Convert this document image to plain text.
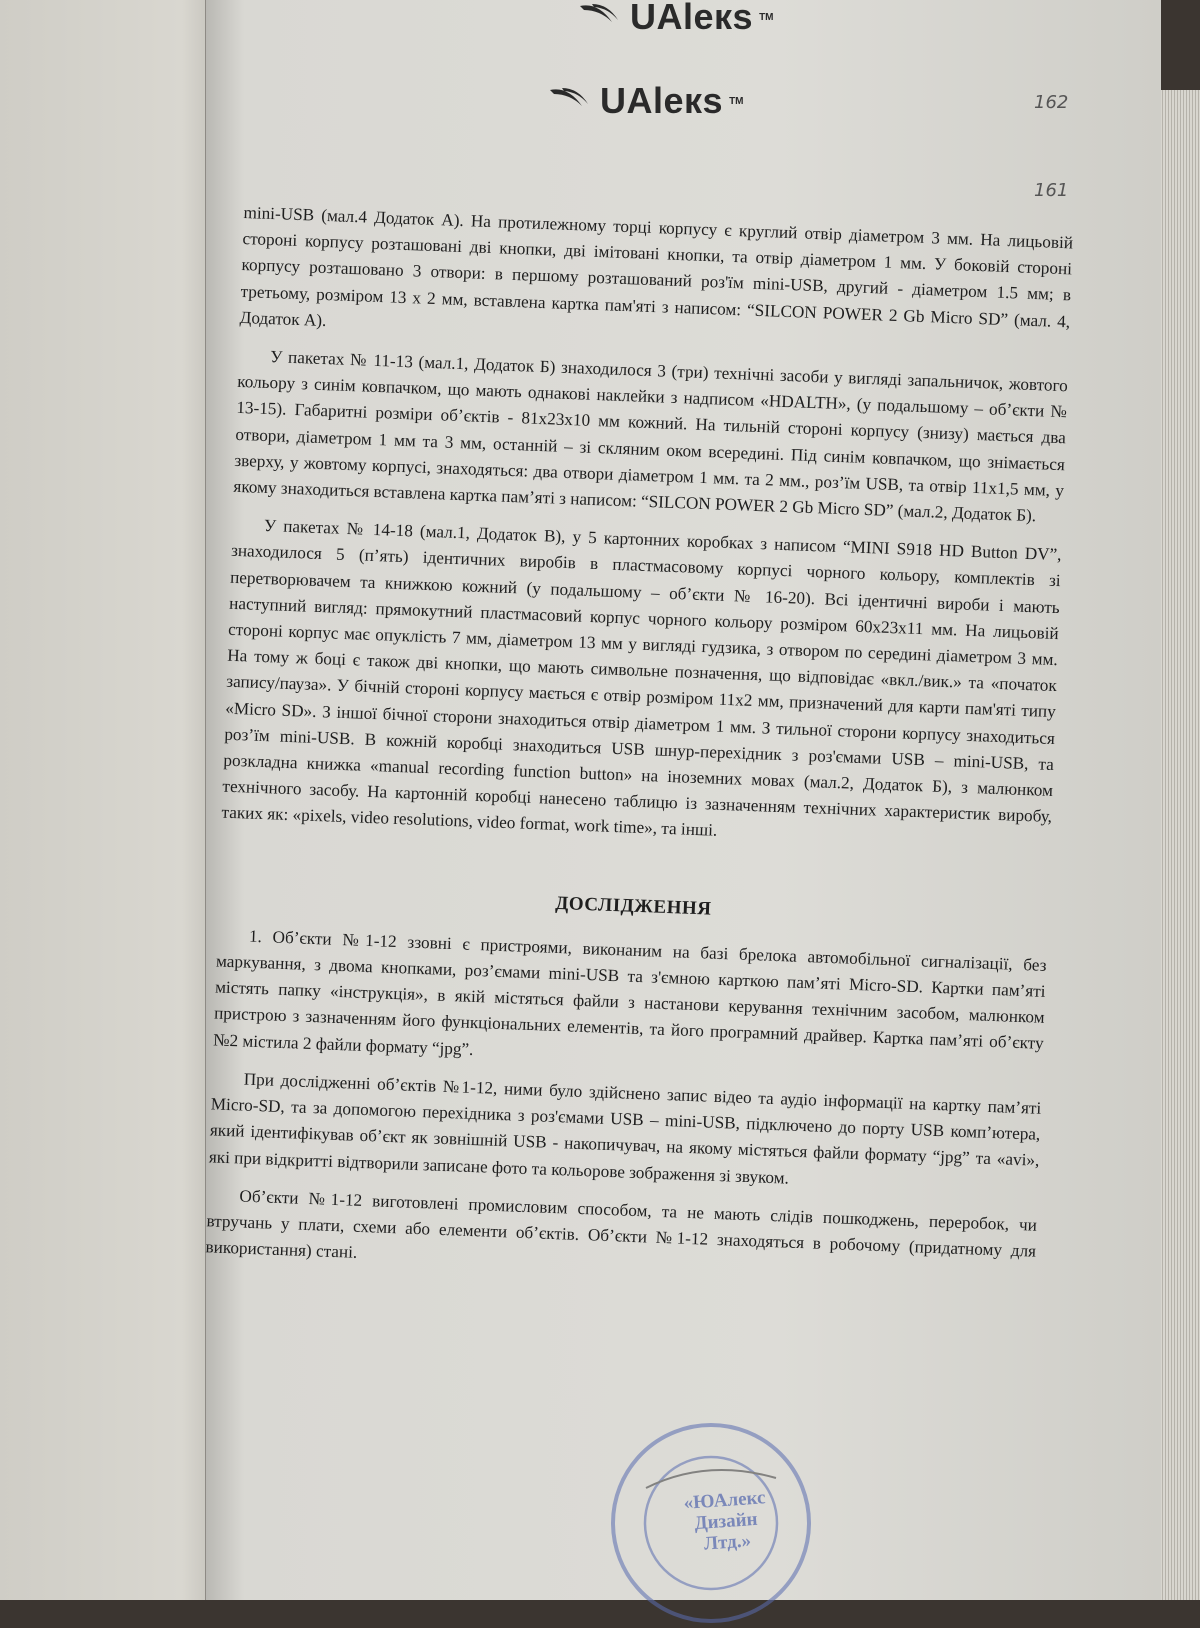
UAleкs TM
UAleкs TM	162
161

mini-USB (мал.4 Додаток А). На протилежному торці корпусу є круглий отвір діаметром 3 мм. На лицьовій стороні корпусу розташовані дві кнопки, дві імітовані кнопки, та отвір діаметром 1 мм. У боковій стороні корпусу розташовано 3 отвори: в першому розташований роз'їм mini-USB, другий - діаметром 1.5 мм; в третьому, розміром 13 x 2 мм, вставлена картка пам'яті з написом: “SILCON POWER 2 Gb Micro SD” (мал. 4, Додаток А).

У пакетах № 11-13 (мал.1, Додаток Б) знаходилося 3 (три) технічні засоби у вигляді запальничок, жовтого кольору з синім ковпачком, що мають однакові наклейки з надписом «HDALTH», (у подальшому – об’єкти № 13-15). Габаритні розміри об’єктів - 81x23x10 мм кожний. На тильній стороні корпусу (знизу) мається два отвори, діаметром 1 мм та 3 мм, останній – зі скляним оком всередині. Під синім ковпачком, що знімається зверху, у жовтому корпусі, знаходяться: два отвори діаметром 1 мм. та 2 мм., роз’їм USB, та отвір 11x1,5 мм, у якому знаходиться вставлена картка пам’яті з написом: “SILCON POWER 2 Gb Micro SD” (мал.2, Додаток Б).

У пакетах № 14-18 (мал.1, Додаток В), у 5 картонних коробках з написом “MINI S918 HD Button DV”, знаходилося 5 (п’ять) ідентичних виробів в пластмасовому корпусі чорного кольору, комплектів зі перетворювачем та книжкою кожний (у подальшому – об’єкти № 16-20). Всі ідентичні вироби і мають наступний вигляд: прямокутний пластмасовий корпус чорного кольору розміром 60x23x11 мм. На лицьовій стороні корпус має опуклість 7 мм, діаметром 13 мм у вигляді гудзика, з отвором по середині діаметром 3 мм. На тому ж боці є також дві кнопки, що мають символьне позначення, що відповідає «вкл./вик.» та «початок запису/пауза». У бічній стороні корпусу мається є отвір розміром 11x2 мм, призначений для карти пам'яті типу «Micro SD». З іншої бічної сторони знаходиться отвір діаметром 1 мм. З тильної сторони корпусу знаходиться роз’їм mini-USB. В кожній коробці знаходиться USB шнур-перехідник з роз'ємами USB – mini-USB, та розкладна книжка «manual recording function button» на іноземних мовах (мал.2, Додаток Б), з малюнком технічного засобу. На картонній коробці нанесено таблицю із зазначенням технічних характеристик виробу, таких як: «pixels, video resolutions, video format, work time», та інші.

ДОСЛІДЖЕННЯ

1. Об’єкти №1-12 ззовні є пристроями, виконаним на базі брелока автомобільної сигналізації, без маркування, з двома кнопками, роз’ємами mini-USB та з'ємною карткою пам’яті Micro-SD. Картки пам’яті містять папку «інструкція», в якій містяться файли з настанови керування технічним засобом, малюнком пристрою з зазначенням його функціональних елементів, та його програмний драйвер. Картка пам’яті об’єкту №2 містила 2 файли формату “jpg”.

При дослідженні об’єктів №1-12, ними було здійснено запис відео та аудіо інформації на картку пам’яті Micro-SD, та за допомогою перехідника з роз'ємами USB – mini-USB, підключено до порту USB комп’ютера, який ідентифікував об’єкт як зовнішній USB - накопичувач, на якому містяться файли формату “jpg” та «avi», які при відкритті відтворили записане фото та кольорове зображення зі звуком.

Об’єкти №1-12 виготовлені промисловим способом, та не мають слідів пошкоджень, переробок, чи втручань у плати, схеми або елементи об’єктів. Об’єкти №1-12 знаходяться в робочому (придатному для використання) стані.

«ЮАлекс
Дизайн
Лтд.»
